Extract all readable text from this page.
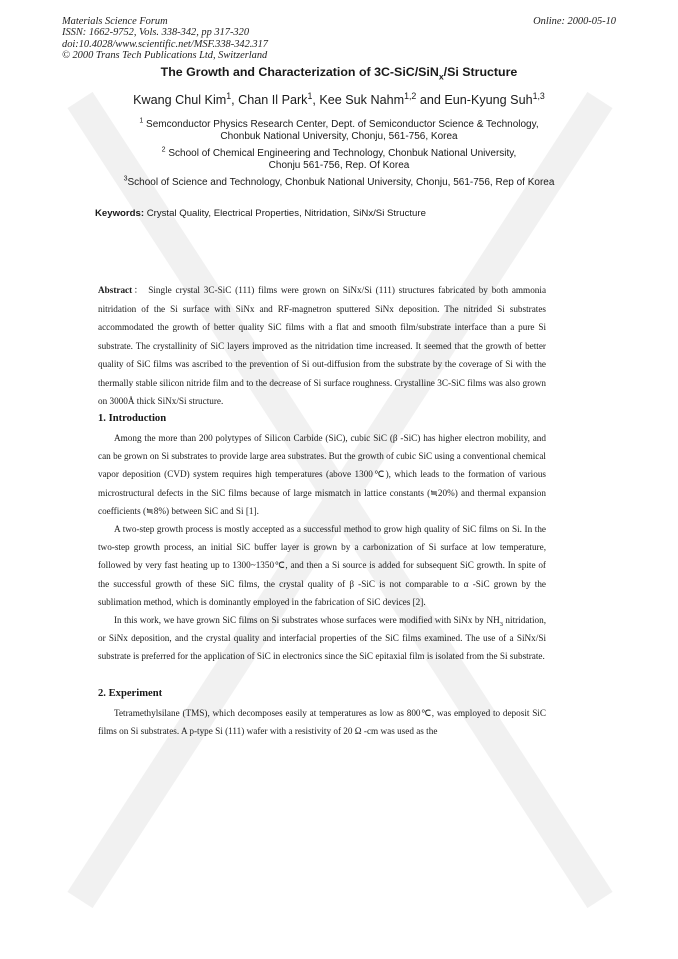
Materials Science Forum
ISSN: 1662-9752, Vols. 338-342, pp 317-320
doi:10.4028/www.scientific.net/MSF.338-342.317
© 2000 Trans Tech Publications Ltd, Switzerland
Online: 2000-05-10
The Growth and Characterization of 3C-SiC/SiN$_x$/Si Structure
Kwang Chul Kim$^1$, Chan Il Park$^1$, Kee Suk Nahm$^{1,2}$ and Eun-Kyung Suh$^{1,3}$
$^1$ Semconductor Physics Research Center, Dept. of Semiconductor Science & Technology,
Chonbuk National University, Chonju, 561-756, Korea
$^2$ School of Chemical Engineering and Technology, Chonbuk National University,
Chonju 561-756, Rep. Of Korea
$^3$School of Science and Technology, Chonbuk National University, Chonju, 561-756, Rep of Korea
Keywords: Crystal Quality, Electrical Properties, Nitridation, SiNx/Si Structure
Abstract： Single crystal 3C-SiC (111) films were grown on SiNx/Si (111) structures fabricated by both ammonia nitridation of the Si surface with SiNx and RF-magnetron sputtered SiNx deposition. The nitrided Si substrates accommodated the growth of better quality SiC films with a flat and smooth film/substrate interface than a pure Si substrate. The crystallinity of SiC layers improved as the nitridation time increased. It seemed that the growth of better quality of SiC films was ascribed to the prevention of Si out-diffusion from the substrate by the coverage of Si with the thermally stable silicon nitride film and to the decrease of Si surface roughness. Crystalline 3C-SiC films was also grown on 3000Å thick SiNx/Si structure.
1. Introduction

Among the more than 200 polytypes of Silicon Carbide (SiC), cubic SiC (β -SiC) has higher electron mobility, and can be grown on Si substrates to provide large area substrates. But the growth of cubic SiC using a conventional chemical vapor deposition (CVD) system requires high temperatures (above 1300℃), which leads to the formation of various microstructural defects in the SiC films because of large mismatch in lattice constants (≒20%) and thermal expansion coefficients (≒8%) between SiC and Si [1].

A two-step growth process is mostly accepted as a successful method to grow high quality of SiC films on Si. In the two-step growth process, an initial SiC buffer layer is grown by a carbonization of Si surface at low temperature, followed by very fast heating up to 1300~1350℃, and then a Si source is added for subsequent SiC growth. In spite of the successful growth of these SiC films, the crystal quality of β -SiC is not comparable to α -SiC grown by the sublimation method, which is dominantly employed in the fabrication of SiC devices [2].

In this work, we have grown SiC films on Si substrates whose surfaces were modified with SiNx by $NH_3$ nitridation, or SiNx deposition, and the crystal quality and interfacial properties of the SiC films examined. The use of a SiNx/Si substrate is preferred for the application of SiC in electronics since the SiC epitaxial film is isolated from the Si substrate.

2. Experiment

Tetramethylsilane (TMS), which decomposes easily at temperatures as low as 800℃, was employed to deposit SiC films on Si substrates. A p-type Si (111) wafer with a resistivity of 20 Ω -cm was used as the
